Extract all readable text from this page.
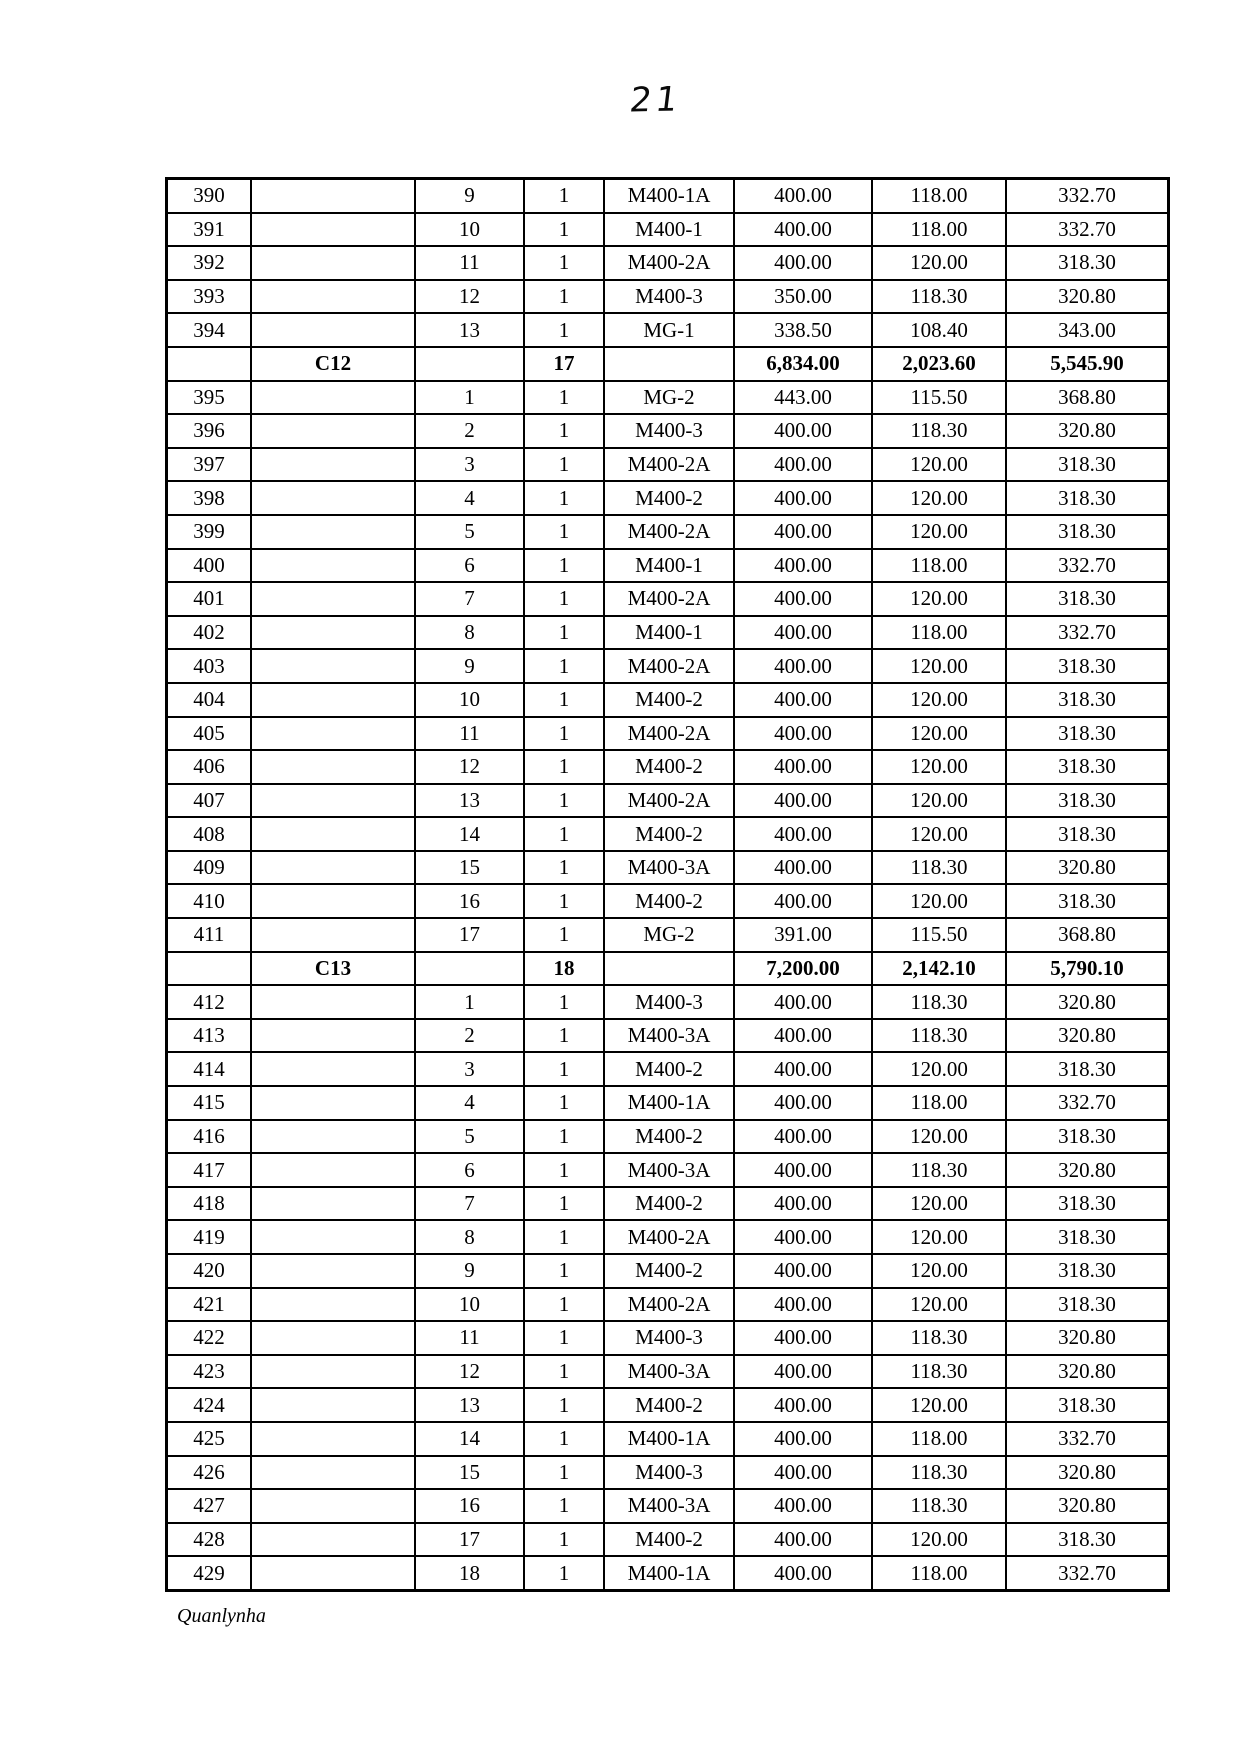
21
390		9	1	M400-1A	400.00	118.00	332.70
391		10	1	M400-1	400.00	118.00	332.70
392		11	1	M400-2A	400.00	120.00	318.30
393		12	1	M400-3	350.00	118.30	320.80
394		13	1	MG-1	338.50	108.40	343.00
	C12		17		6,834.00	2,023.60	5,545.90
395		1	1	MG-2	443.00	115.50	368.80
396		2	1	M400-3	400.00	118.30	320.80
397		3	1	M400-2A	400.00	120.00	318.30
398		4	1	M400-2	400.00	120.00	318.30
399		5	1	M400-2A	400.00	120.00	318.30
400		6	1	M400-1	400.00	118.00	332.70
401		7	1	M400-2A	400.00	120.00	318.30
402		8	1	M400-1	400.00	118.00	332.70
403		9	1	M400-2A	400.00	120.00	318.30
404		10	1	M400-2	400.00	120.00	318.30
405		11	1	M400-2A	400.00	120.00	318.30
406		12	1	M400-2	400.00	120.00	318.30
407		13	1	M400-2A	400.00	120.00	318.30
408		14	1	M400-2	400.00	120.00	318.30
409		15	1	M400-3A	400.00	118.30	320.80
410		16	1	M400-2	400.00	120.00	318.30
411		17	1	MG-2	391.00	115.50	368.80
	C13		18		7,200.00	2,142.10	5,790.10
412		1	1	M400-3	400.00	118.30	320.80
413		2	1	M400-3A	400.00	118.30	320.80
414		3	1	M400-2	400.00	120.00	318.30
415		4	1	M400-1A	400.00	118.00	332.70
416		5	1	M400-2	400.00	120.00	318.30
417		6	1	M400-3A	400.00	118.30	320.80
418		7	1	M400-2	400.00	120.00	318.30
419		8	1	M400-2A	400.00	120.00	318.30
420		9	1	M400-2	400.00	120.00	318.30
421		10	1	M400-2A	400.00	120.00	318.30
422		11	1	M400-3	400.00	118.30	320.80
423		12	1	M400-3A	400.00	118.30	320.80
424		13	1	M400-2	400.00	120.00	318.30
425		14	1	M400-1A	400.00	118.00	332.70
426		15	1	M400-3	400.00	118.30	320.80
427		16	1	M400-3A	400.00	118.30	320.80
428		17	1	M400-2	400.00	120.00	318.30
429		18	1	M400-1A	400.00	118.00	332.70
Quanlynha
